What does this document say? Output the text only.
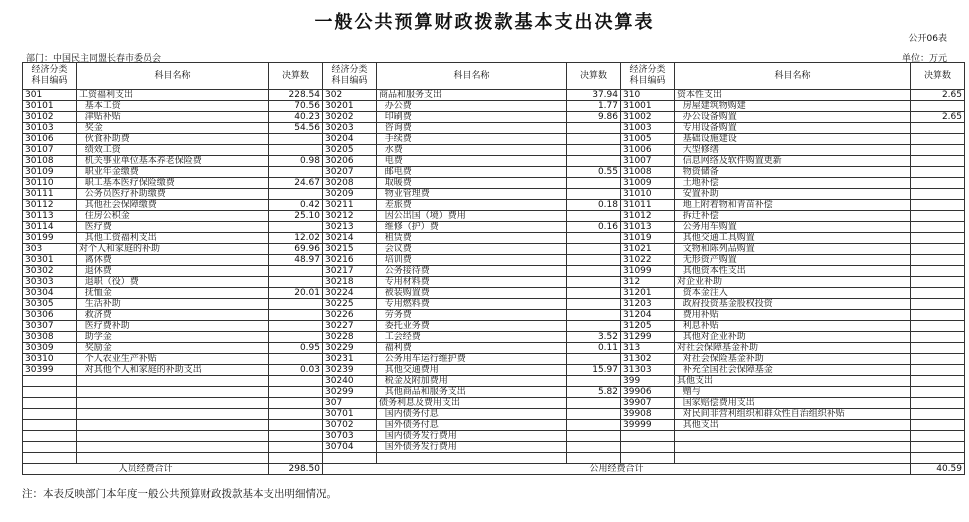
一般公共预算财政拨款基本支出决算表
公开06表
部门：中国民主同盟长春市委员会	单位：万元
经济分类
科目编码	科目名称	决算数	经济分类
科目编码	科目名称	决算数	经济分类
科目编码	科目名称	决算数
301	工资福利支出	228.54	302	商品和服务支出	37.94	310	资本性支出	2.65
30101	基本工资	70.56	30201	办公费	1.77	31001	房屋建筑物购建	
30102	津贴补贴	40.23	30202	印刷费	9.86	31002	办公设备购置	2.65
30103	奖金	54.56	30203	咨询费		31003	专用设备购置	
30106	伙食补助费		30204	手续费		31005	基础设施建设	
30107	绩效工资		30205	水费		31006	大型修缮	
30108	机关事业单位基本养老保险费	0.98	30206	电费		31007	信息网络及软件购置更新	
30109	职业年金缴费		30207	邮电费	0.55	31008	物资储备	
30110	职工基本医疗保险缴费	24.67	30208	取暖费		31009	土地补偿	
30111	公务员医疗补助缴费		30209	物业管理费		31010	安置补助	
30112	其他社会保障缴费	0.42	30211	差旅费	0.18	31011	地上附着物和青苗补偿	
30113	住房公积金	25.10	30212	因公出国（境）费用		31012	拆迁补偿	
30114	医疗费		30213	维修（护）费	0.16	31013	公务用车购置	
30199	其他工资福利支出	12.02	30214	租赁费		31019	其他交通工具购置	
303	对个人和家庭的补助	69.96	30215	会议费		31021	文物和陈列品购置	
30301	离休费	48.97	30216	培训费		31022	无形资产购置	
30302	退休费		30217	公务接待费		31099	其他资本性支出	
30303	退职（役）费		30218	专用材料费		312	对企业补助	
30304	抚恤金	20.01	30224	被装购置费		31201	资本金注入	
30305	生活补助		30225	专用燃料费		31203	政府投资基金股权投资	
30306	救济费		30226	劳务费		31204	费用补贴	
30307	医疗费补助		30227	委托业务费		31205	利息补贴	
30308	助学金		30228	工会经费	3.52	31299	其他对企业补助	
30309	奖励金	0.95	30229	福利费	0.11	313	对社会保障基金补助	
30310	个人农业生产补贴		30231	公务用车运行维护费		31302	对社会保险基金补助	
30399	对其他个人和家庭的补助支出	0.03	30239	其他交通费用	15.97	31303	补充全国社会保障基金	
			30240	税金及附加费用		399	其他支出	
			30299	其他商品和服务支出	5.82	39906	赠与	
			307	债务利息及费用支出		39907	国家赔偿费用支出	
			30701	国内债务付息		39908	对民间非营利组织和群众性自治组织补贴	
			30702	国外债务付息		39999	其他支出	
			30703	国内债务发行费用				
			30704	国外债务发行费用				

人员经费合计		298.50	公用经费合计					40.59
注：本表反映部门本年度一般公共预算财政拨款基本支出明细情况。
